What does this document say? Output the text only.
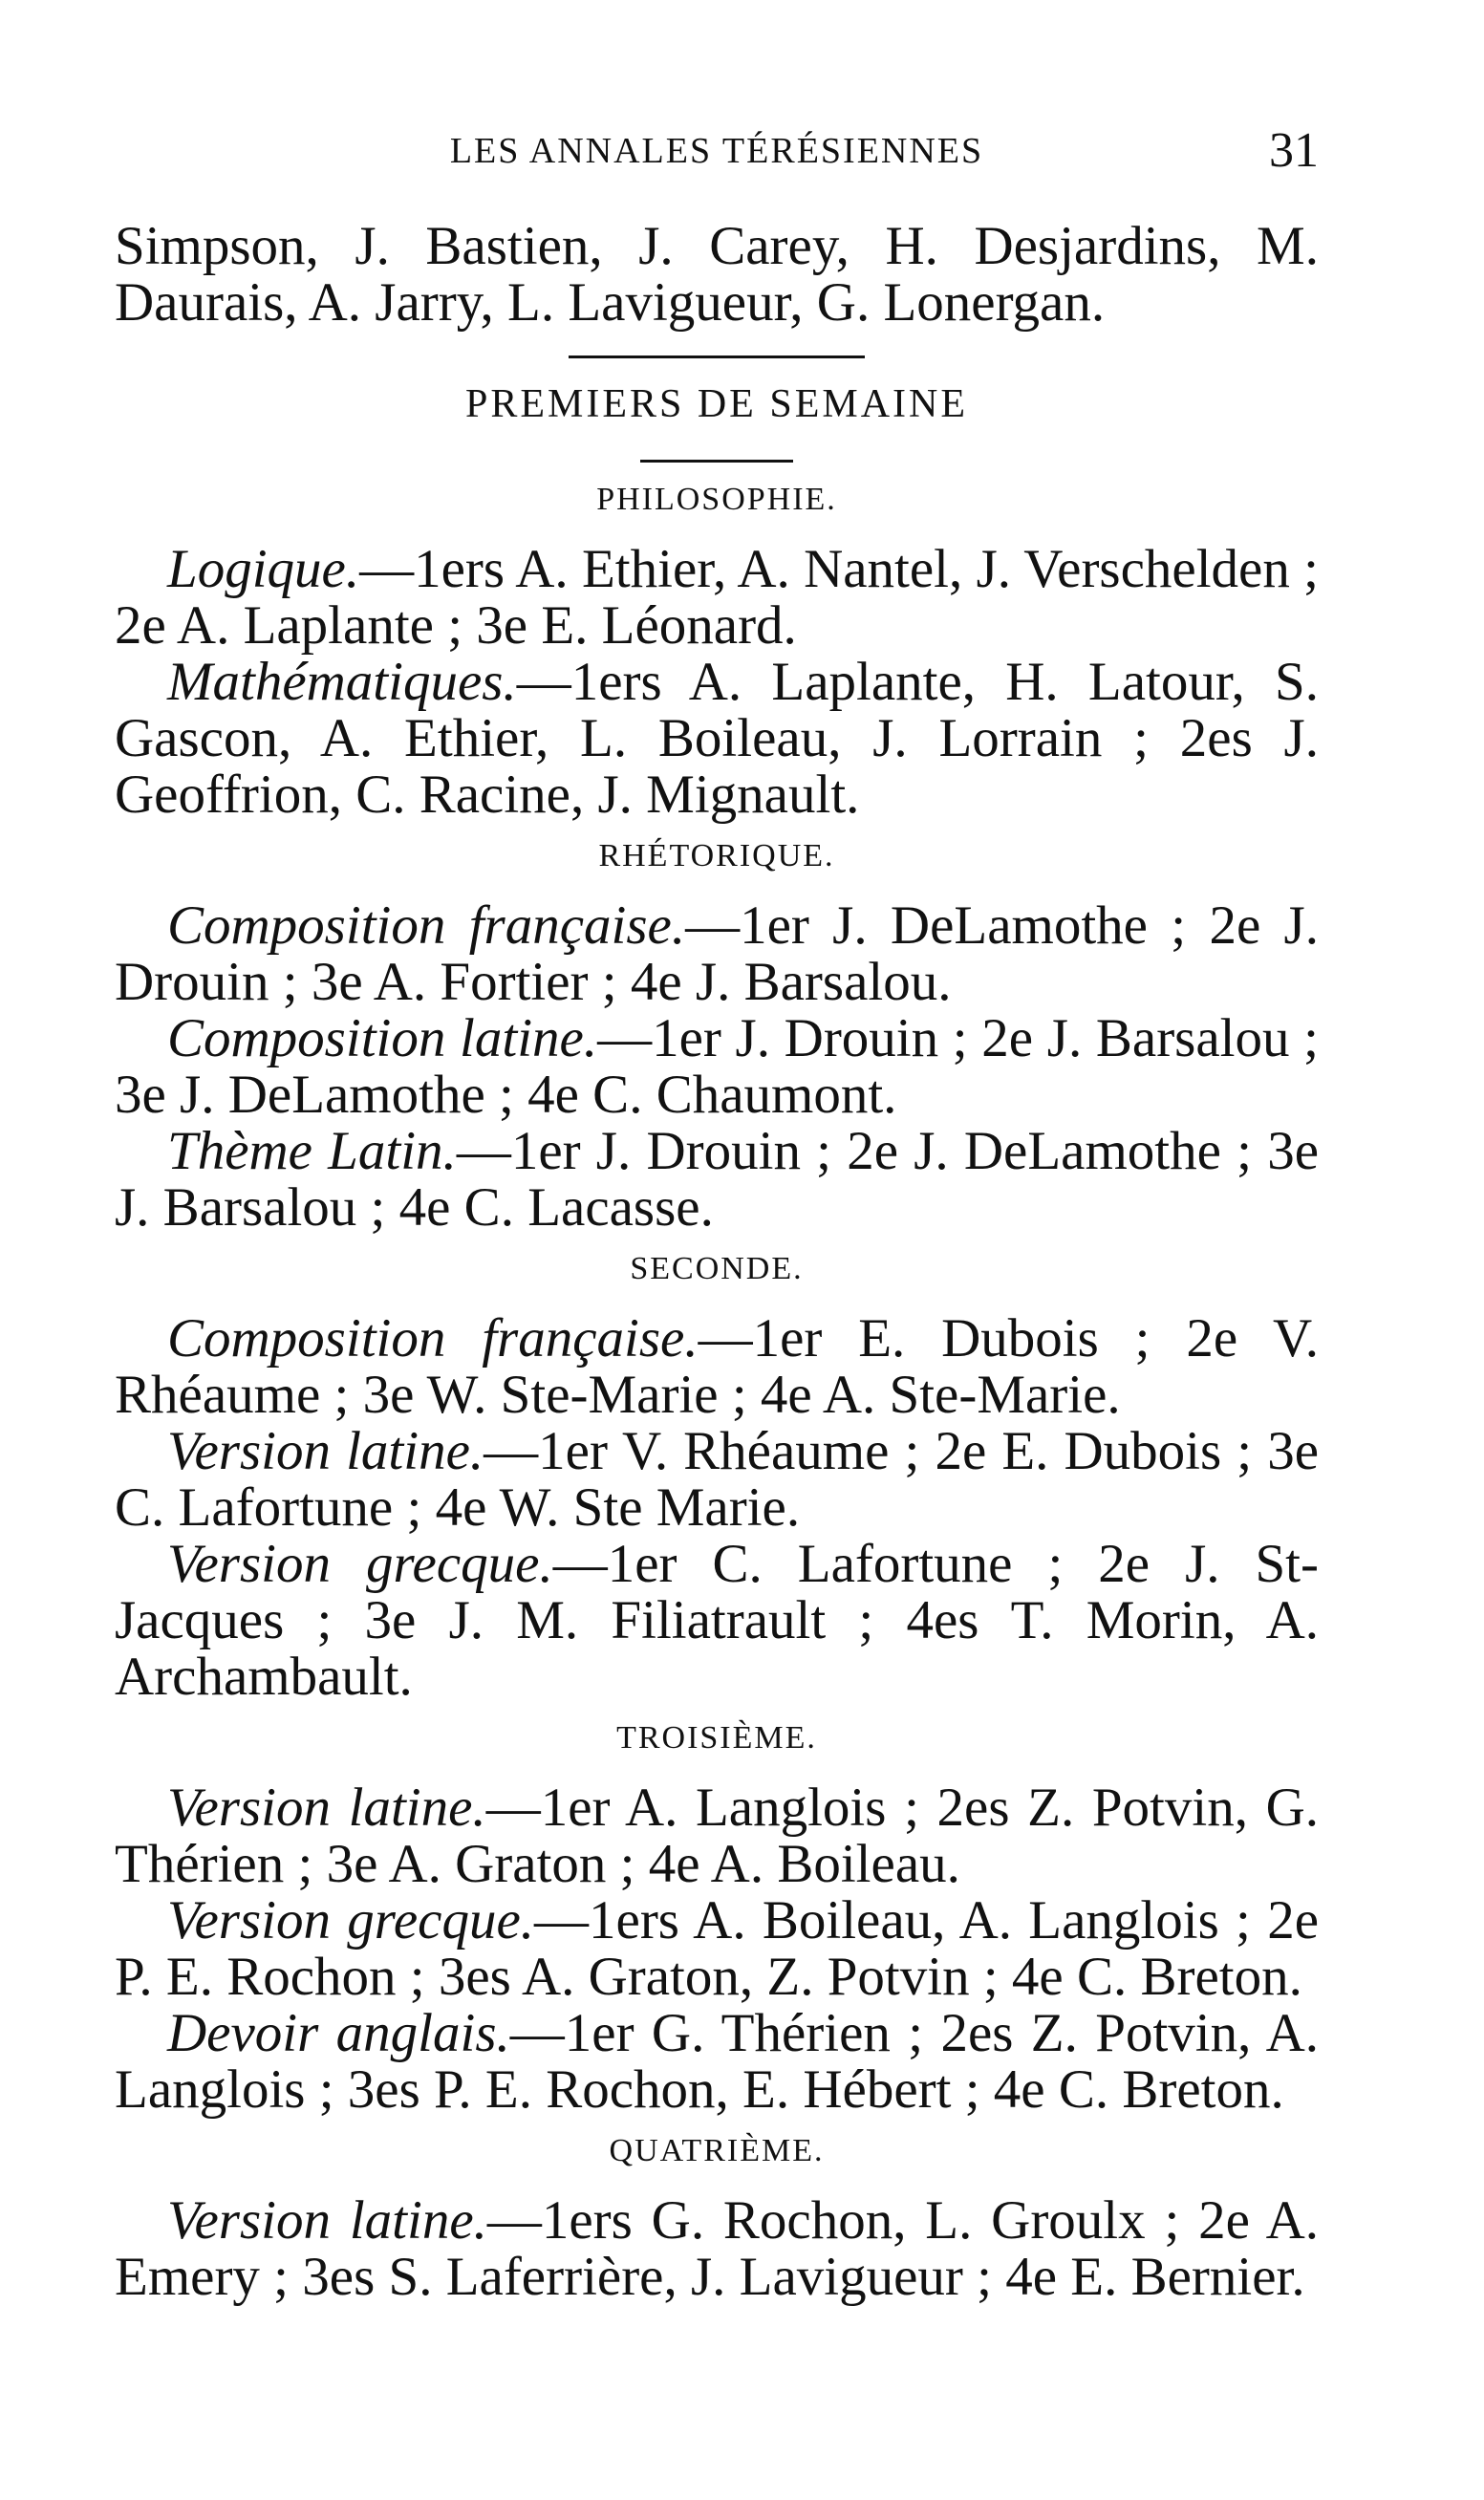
LES ANNALES TÉRÉSIENNES	31

Simpson, J. Bastien, J. Carey, H. Desjardins, M. Daurais, A. Jarry, L. Lavigueur, G. Lonergan.

PREMIERS DE SEMAINE

PHILOSOPHIE.

Logique.—1ers A. Ethier, A. Nantel, J. Verschelden ; 2e A. Laplante ; 3e E. Léonard.

Mathématiques.—1ers A. Laplante, H. Latour, S. Gascon, A. Ethier, L. Boileau, J. Lorrain ; 2es J. Geoffrion, C. Racine, J. Mignault.

RHÉTORIQUE.

Composition française.—1er J. DeLamothe ; 2e J. Drouin ; 3e A. Fortier ; 4e J. Barsalou.

Composition latine.—1er J. Drouin ; 2e J. Barsalou ; 3e J. DeLamothe ; 4e C. Chaumont.

Thème Latin.—1er J. Drouin ; 2e J. DeLamothe ; 3e J. Barsalou ; 4e C. Lacasse.

SECONDE.

Composition française.—1er E. Dubois ; 2e V. Rhéaume ; 3e W. Ste-Marie ; 4e A. Ste-Marie.

Version latine.—1er V. Rhéaume ; 2e E. Dubois ; 3e C. Lafortune ; 4e W. Ste Marie.

Version grecque.—1er C. Lafortune ; 2e J. St-Jacques ; 3e J. M. Filiatrault ; 4es T. Morin, A. Archambault.

TROISIÈME.

Version latine.—1er A. Langlois ; 2es Z. Potvin, G. Thérien ; 3e A. Graton ; 4e A. Boileau.

Version grecque.—1ers A. Boileau, A. Langlois ; 2e P. E. Rochon ; 3es A. Graton, Z. Potvin ; 4e C. Breton.

Devoir anglais.—1er G. Thérien ; 2es Z. Potvin, A. Langlois ; 3es P. E. Rochon, E. Hébert ; 4e C. Breton.

QUATRIÈME.

Version latine.—1ers G. Rochon, L. Groulx ; 2e A. Emery ; 3es S. Laferrière, J. Lavigueur ; 4e E. Bernier.
